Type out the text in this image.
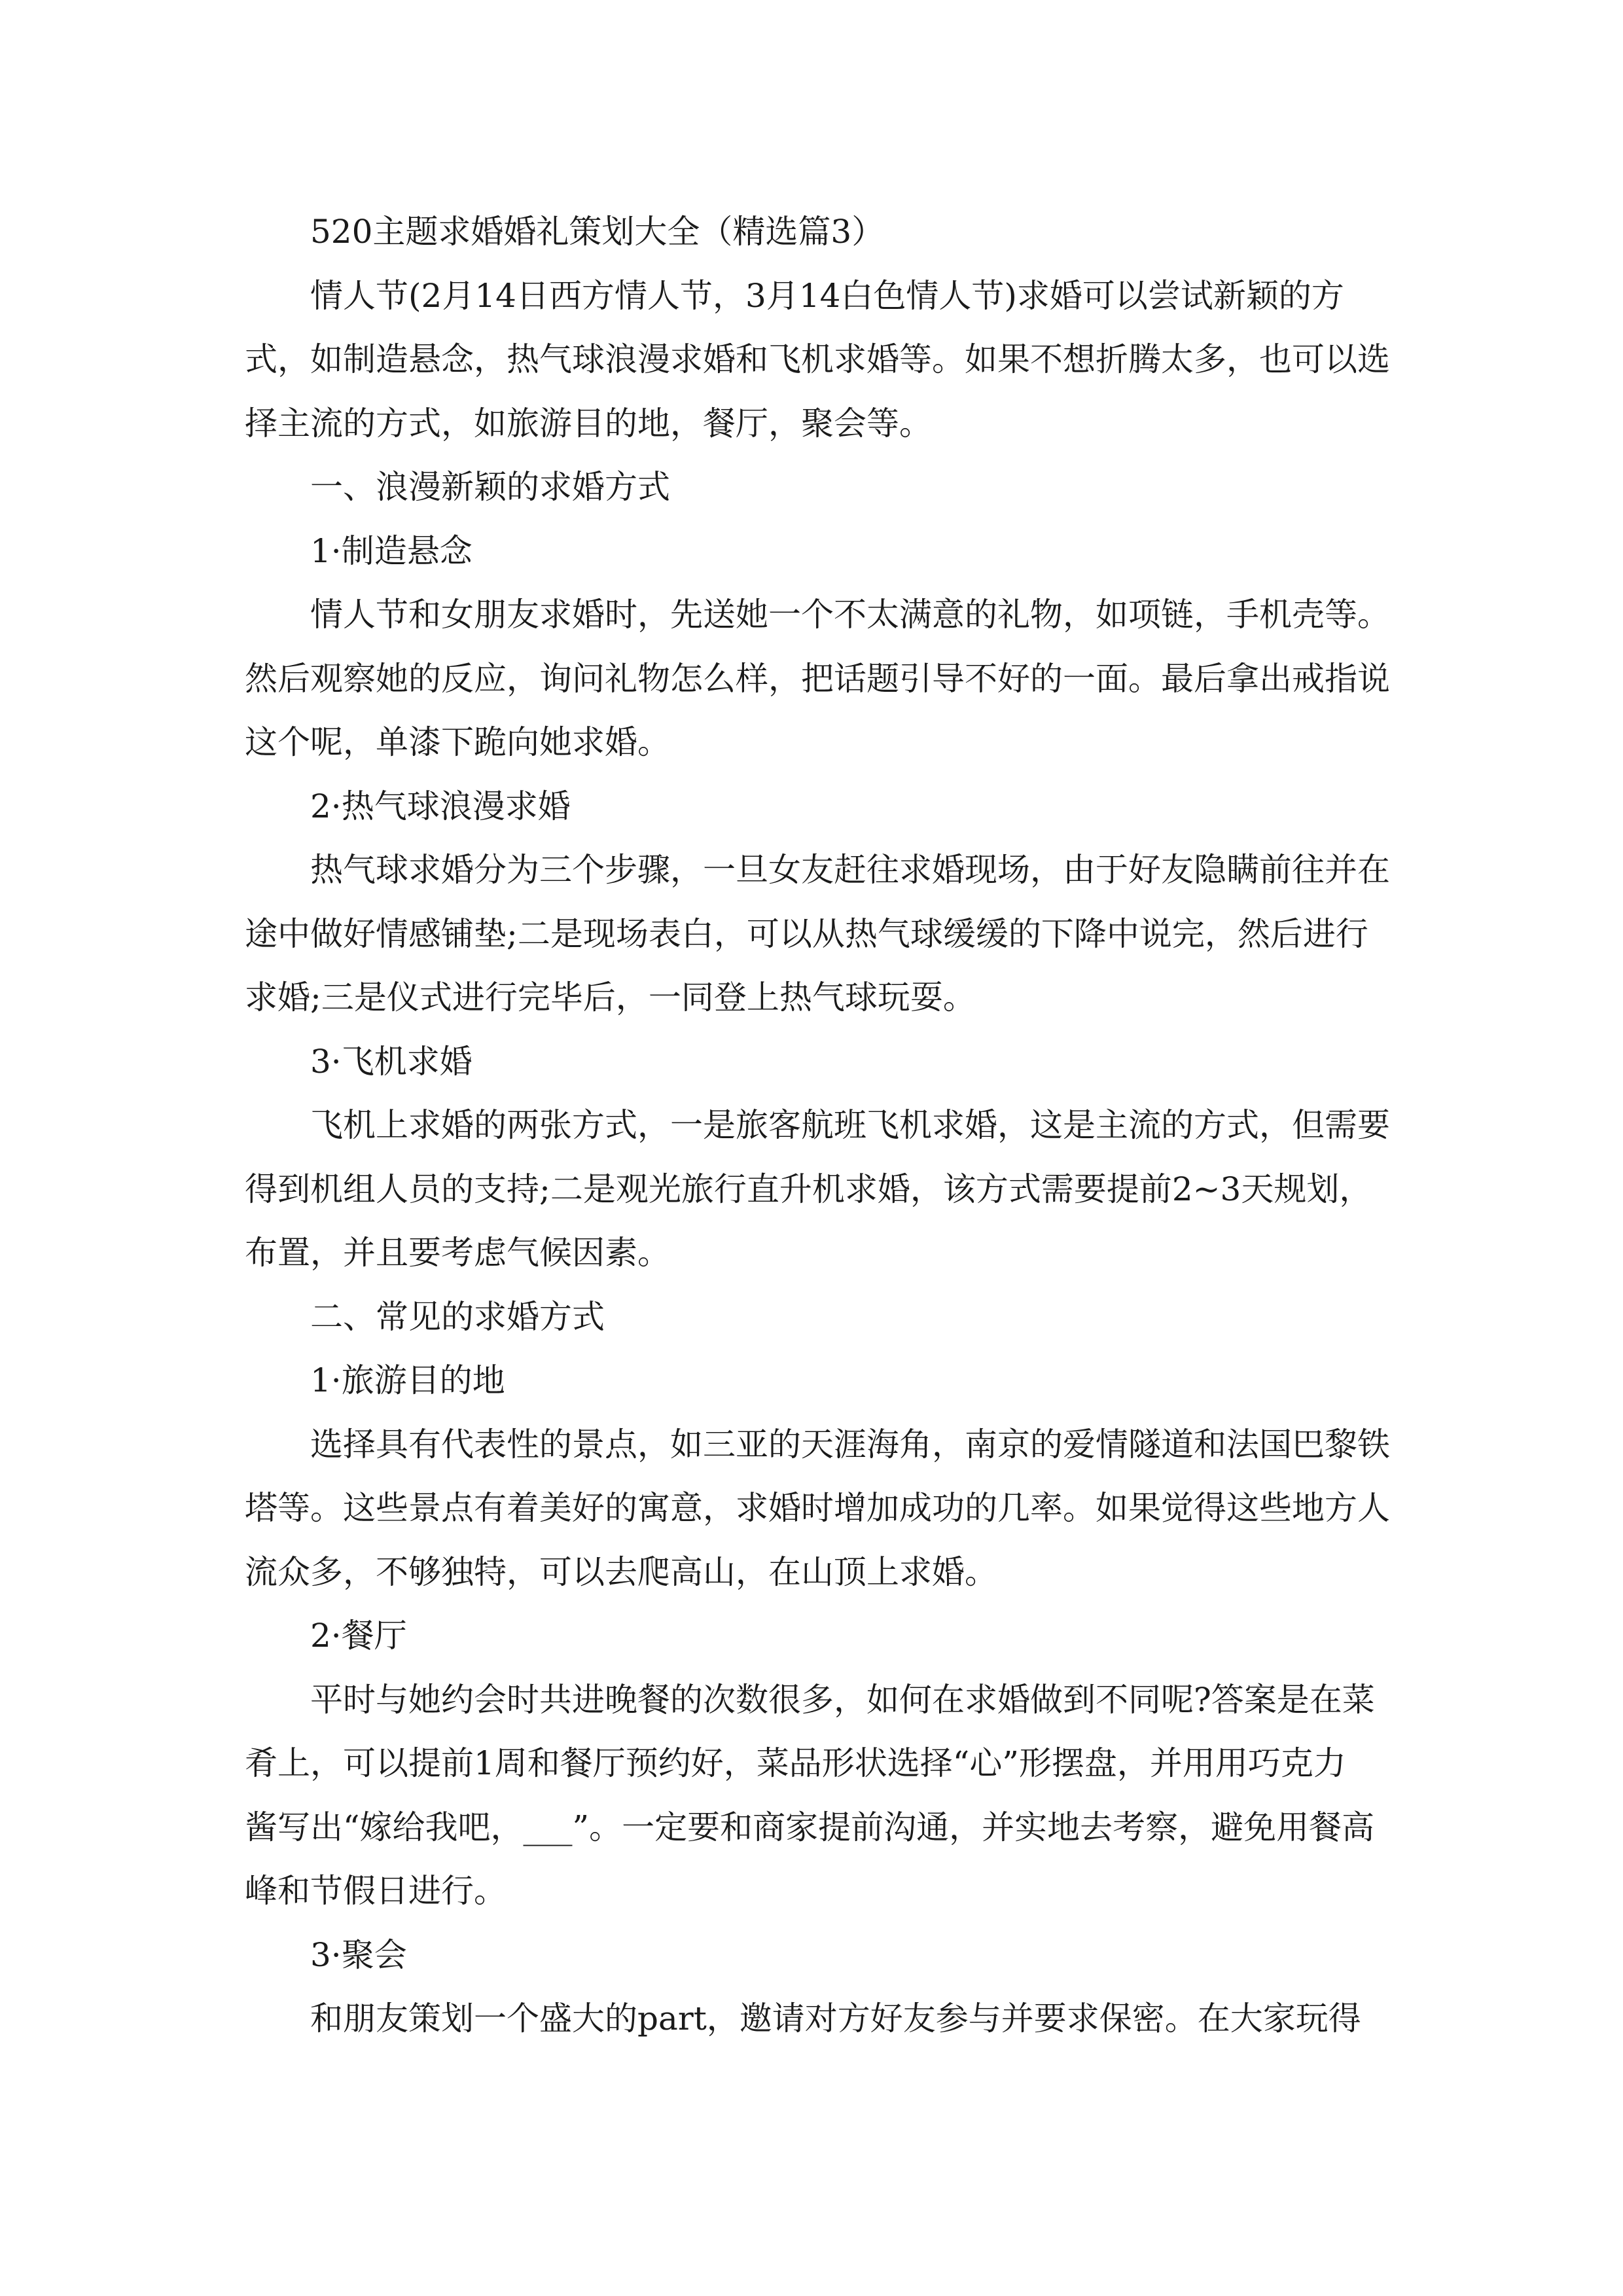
520主题求婚婚礼策划大全（精选篇3）
情人节(2月14日西方情人节，3月14白色情人节)求婚可以尝试新颖的方
式，如制造悬念，热气球浪漫求婚和飞机求婚等。如果不想折腾太多，也可以选
择主流的方式，如旅游目的地，餐厅，聚会等。
一、浪漫新颖的求婚方式
1·制造悬念
情人节和女朋友求婚时，先送她一个不太满意的礼物，如项链，手机壳等。
然后观察她的反应，询问礼物怎么样，把话题引导不好的一面。最后拿出戒指说
这个呢，单漆下跪向她求婚。
2·热气球浪漫求婚
热气球求婚分为三个步骤，一旦女友赶往求婚现场，由于好友隐瞒前往并在
途中做好情感铺垫;二是现场表白，可以从热气球缓缓的下降中说完，然后进行
求婚;三是仪式进行完毕后，一同登上热气球玩耍。
3·飞机求婚
飞机上求婚的两张方式，一是旅客航班飞机求婚，这是主流的方式，但需要
得到机组人员的支持;二是观光旅行直升机求婚，该方式需要提前2~3天规划，
布置，并且要考虑气候因素。
二、常见的求婚方式
1·旅游目的地
选择具有代表性的景点，如三亚的天涯海角，南京的爱情隧道和法国巴黎铁
塔等。这些景点有着美好的寓意，求婚时增加成功的几率。如果觉得这些地方人
流众多，不够独特，可以去爬高山，在山顶上求婚。
2·餐厅
平时与她约会时共进晚餐的次数很多，如何在求婚做到不同呢?答案是在菜
肴上，可以提前1周和餐厅预约好，菜品形状选择“心”形摆盘，并用用巧克力
酱写出“嫁给我吧，___”。一定要和商家提前沟通，并实地去考察，避免用餐高
峰和节假日进行。
3·聚会
和朋友策划一个盛大的part，邀请对方好友参与并要求保密。在大家玩得
